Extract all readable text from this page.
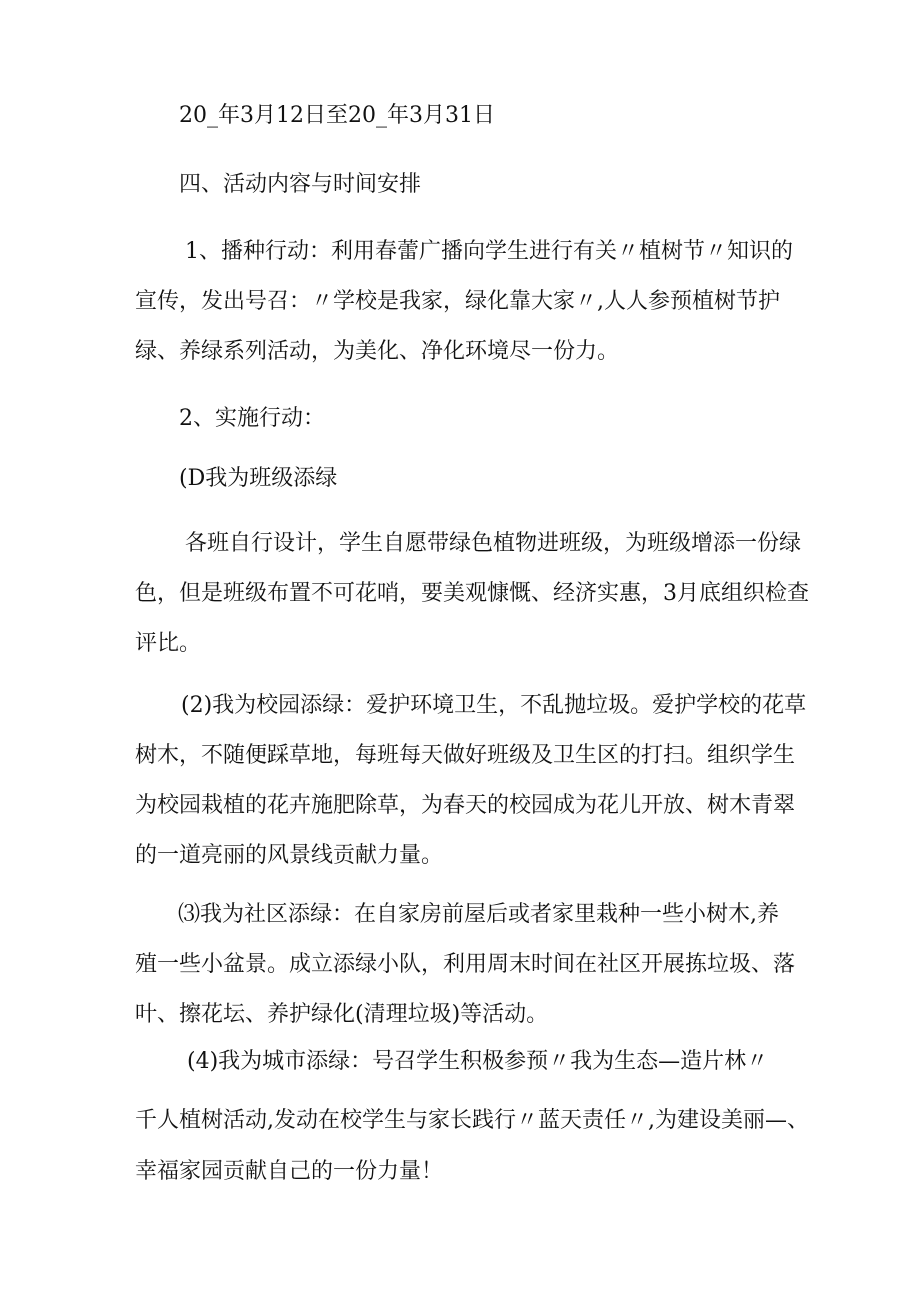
20_年3月12日至20_年3月31日

四、活动内容与时间安排

1、播种行动：利用春蕾广播向学生进行有关〃植树节〃知识的

宣传，发出号召：〃学校是我家，绿化靠大家〃,人人参预植树节护

绿、养绿系列活动，为美化、净化环境尽一份力。

2、实施行动：

(D我为班级添绿

各班自行设计，学生自愿带绿色植物进班级，为班级增添一份绿

色，但是班级布置不可花哨，要美观慷慨、经济实惠，3月底组织检查

评比。

(2)我为校园添绿：爱护环境卫生，不乱抛垃圾。爱护学校的花草

树木，不随便踩草地，每班每天做好班级及卫生区的打扫。组织学生

为校园栽植的花卉施肥除草，为春天的校园成为花儿开放、树木青翠

的一道亮丽的风景线贡献力量。

⑶我为社区添绿：在自家房前屋后或者家里栽种一些小树木,养

殖一些小盆景。成立添绿小队，利用周末时间在社区开展拣垃圾、落

叶、擦花坛、养护绿化(清理垃圾)等活动。

(4)我为城市添绿：号召学生积极参预〃我为生态—造片林〃

千人植树活动,发动在校学生与家长践行〃蓝天责任〃,为建设美丽—、

幸福家园贡献自己的一份力量！
